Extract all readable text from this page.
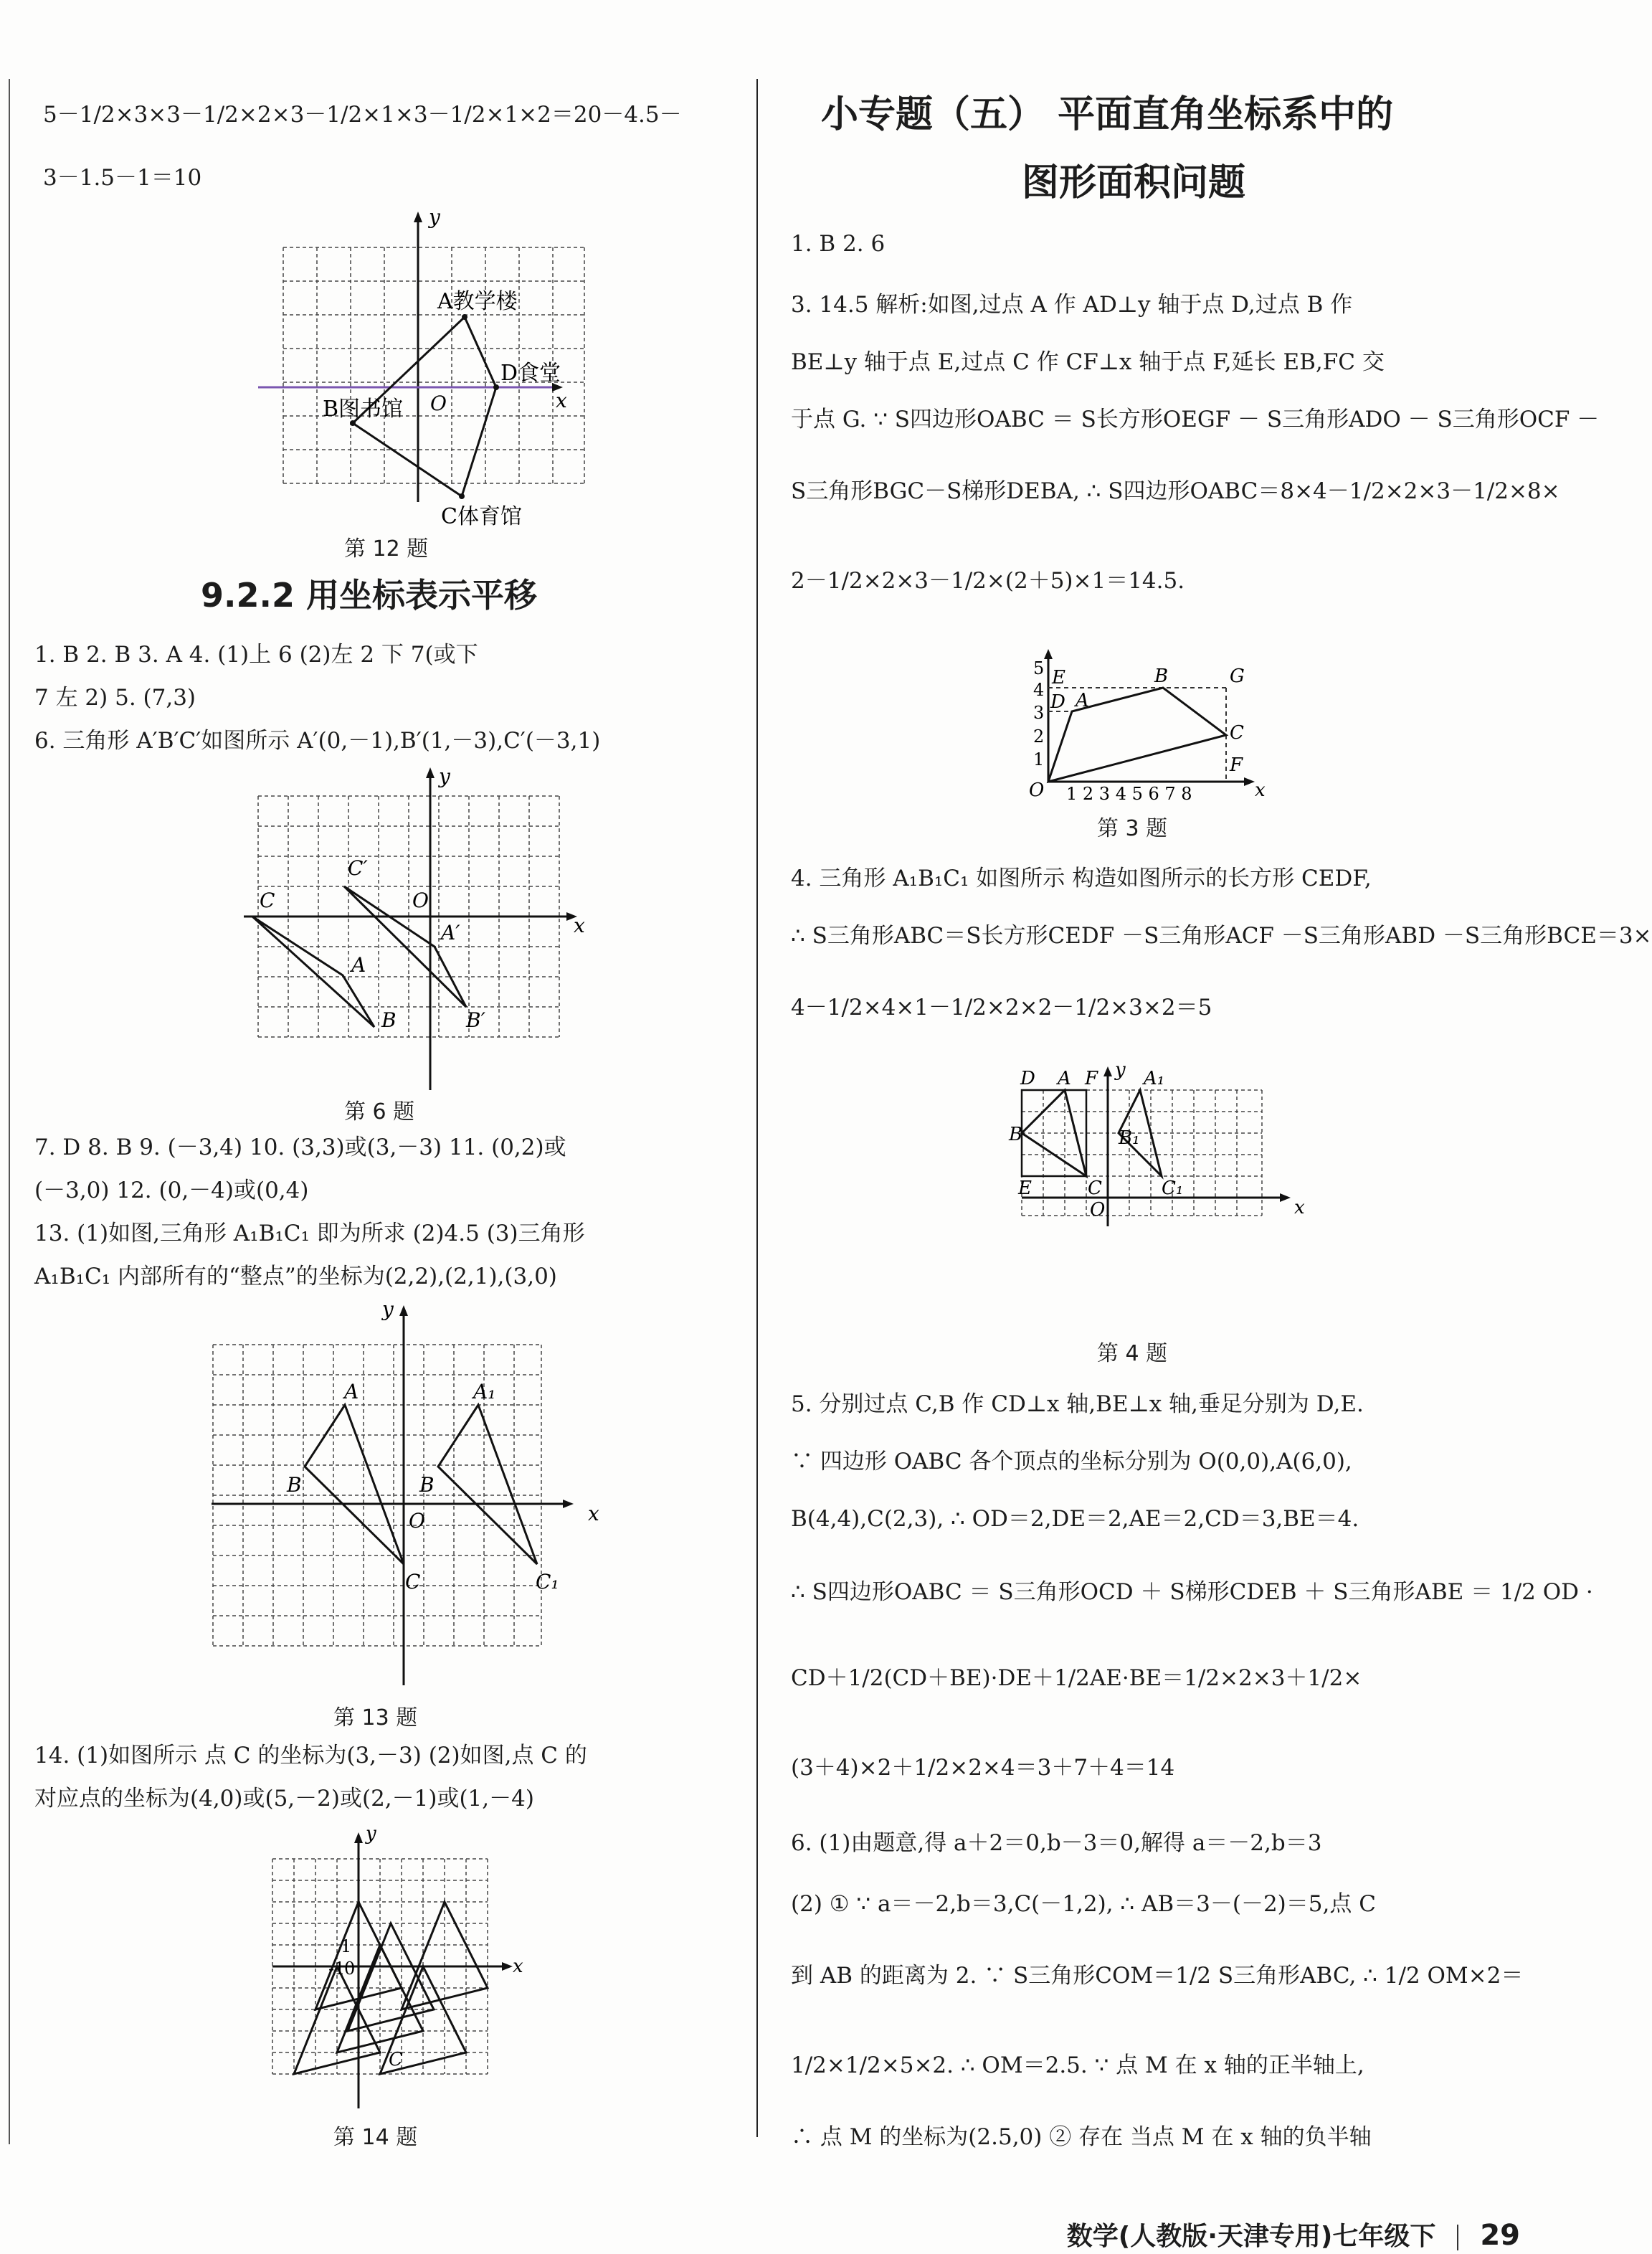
5－1/2×3×3－1/2×2×3－1/2×1×3－1/2×1×2＝20－4.5－
3－1.5－1＝10
A教学楼
D食堂
B图书馆
C体育馆
O	x
y
第 12 题
9.2.2 用坐标表示平移
1. B 2. B 3. A 4. (1)上 6 (2)左 2 下 7(或下
7 左 2) 5. (7,3)
6. 三角形 A′B′C′如图所示 A′(0,－1),B′(1,－3),C′(－3,1)
C
C′
O
A
A′
B	B′
x
y
第 6 题
7. D 8. B 9. (－3,4) 10. (3,3)或(3,－3) 11. (0,2)或
(－3,0) 12. (0,－4)或(0,4)
13. (1)如图,三角形 A₁B₁C₁ 即为所求 (2)4.5 (3)三角形
A₁B₁C₁ 内部所有的“整点”的坐标为(2,2),(2,1),(3,0)
A	A₁
B	B
O
C	C₁
x
y
第 13 题
14. (1)如图所示 点 C 的坐标为(3,－3) (2)如图,点 C 的
对应点的坐标为(4,0)或(5,－2)或(2,－1)或(1,－4)
1
-1
0
C
x
y
第 14 题
小专题（五） 平面直角坐标系中的
图形面积问题
1. B 2. 6
3. 14.5 解析:如图,过点 A 作 AD⊥y 轴于点 D,过点 B 作
BE⊥y 轴于点 E,过点 C 作 CF⊥x 轴于点 F,延长 EB,FC 交
于点 G. ∵ S四边形OABC ＝ S长方形OEGF － S三角形ADO － S三角形OCF －
S三角形BGC－S梯形DEBA, ∴ S四边形OABC＝8×4－1/2×2×3－1/2×8×
2－1/2×2×3－1/2×(2＋5)×1＝14.5.
E
D A
B	G
C
F
O	x
5
4
3
2
1
1 2 3 4 5 6 7 8
第 3 题
4. 三角形 A₁B₁C₁ 如图所示 构造如图所示的长方形 CEDF,
∴ S三角形ABC＝S长方形CEDF －S三角形ACF －S三角形ABD －S三角形BCE＝3×
4－1/2×4×1－1/2×2×2－1/2×3×2＝5
D A F A₁
B	B₁
E	C	C₁
O	x
y
第 4 题
5. 分别过点 C,B 作 CD⊥x 轴,BE⊥x 轴,垂足分别为 D,E.
∵ 四边形 OABC 各个顶点的坐标分别为 O(0,0),A(6,0),
B(4,4),C(2,3), ∴ OD＝2,DE＝2,AE＝2,CD＝3,BE＝4.
∴ S四边形OABC ＝ S三角形OCD ＋ S梯形CDEB ＋ S三角形ABE ＝ 1/2 OD ·
CD＋1/2(CD＋BE)·DE＋1/2AE·BE＝1/2×2×3＋1/2×
(3＋4)×2＋1/2×2×4＝3＋7＋4＝14
6. (1)由题意,得 a＋2＝0,b－3＝0,解得 a＝－2,b＝3
(2) ① ∵ a＝－2,b＝3,C(－1,2), ∴ AB＝3－(－2)＝5,点 C
到 AB 的距离为 2. ∵ S三角形COM＝1/2 S三角形ABC, ∴ 1/2 OM×2＝
1/2×1/2×5×2. ∴ OM＝2.5. ∵ 点 M 在 x 轴的正半轴上,
∴ 点 M 的坐标为(2.5,0) ② 存在 当点 M 在 x 轴的负半轴
数学(人教版·天津专用)七年级下 29
